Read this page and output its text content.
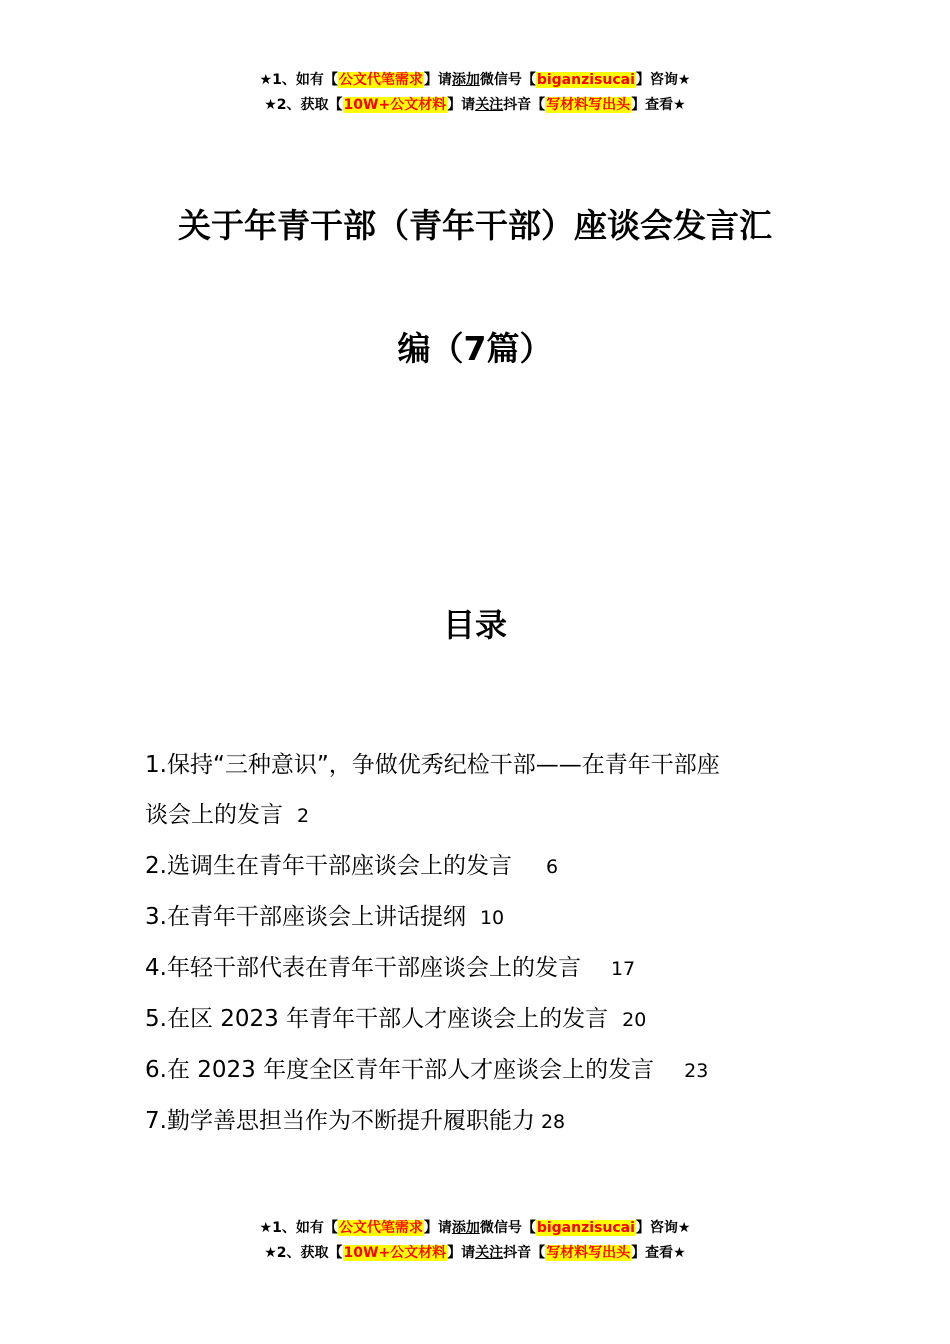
★1、如有【公文代笔需求】请添加微信号【biganzisucai】咨询★
★2、获取【10W+公文材料】请关注抖音【写材料写出头】查看★
关于年青干部（青年干部）座谈会发言汇
编（7篇）
目录
1.保持“三种意识”，争做优秀纪检干部——在青年干部座
谈会上的发言 2
2.选调生在青年干部座谈会上的发言 6
3.在青年干部座谈会上讲话提纲 10
4.年轻干部代表在青年干部座谈会上的发言 17
5.在区 2023 年青年干部人才座谈会上的发言 20
6.在 2023 年度全区青年干部人才座谈会上的发言 23
7.勤学善思担当作为不断提升履职能力 28
★1、如有【公文代笔需求】请添加微信号【biganzisucai】咨询★
★2、获取【10W+公文材料】请关注抖音【写材料写出头】查看★
